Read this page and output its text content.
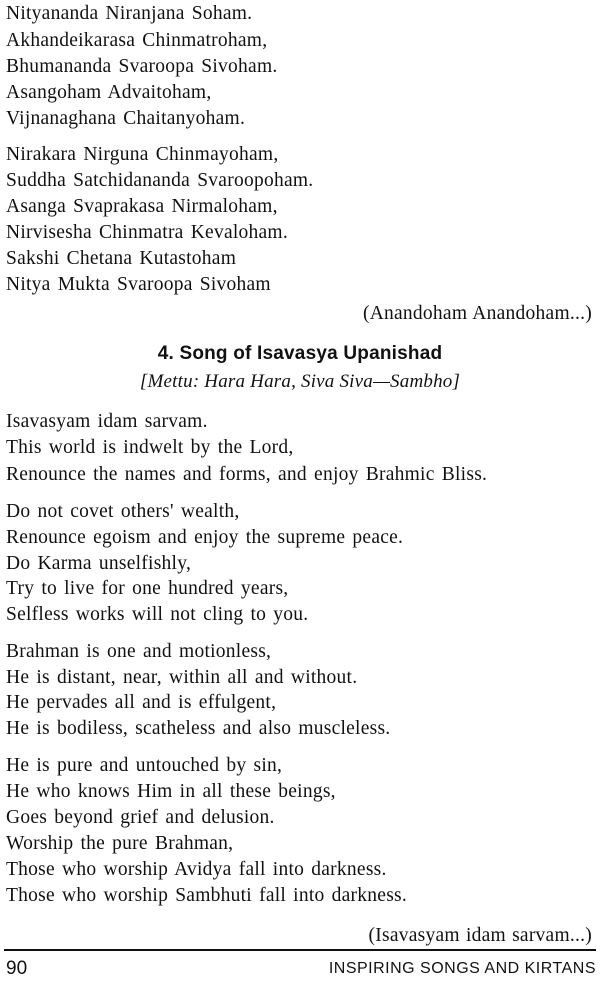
Nityananda Niranjana Soham.
Akhandeikarasa Chinmatroham,
Bhumananda Svaroopa Sivoham.
Asangoham Advaitoham,
Vijnanaghana Chaitanyoham.
Nirakara Nirguna Chinmayoham,
Suddha Satchidananda Svaroopoham.
Asanga Svaprakasa Nirmaloham,
Nirvisesha Chinmatra Kevaloham.
Sakshi Chetana Kutastoham
Nitya Mukta Svaroopa Sivoham
(Anandoham Anandoham...)
4. Song of Isavasya Upanishad
[Mettu: Hara Hara, Siva Siva—Sambho]
Isavasyam idam sarvam.
This world is indwelt by the Lord,
Renounce the names and forms, and enjoy Brahmic Bliss.
Do not covet others' wealth,
Renounce egoism and enjoy the supreme peace.
Do Karma unselfishly,
Try to live for one hundred years,
Selfless works will not cling to you.
Brahman is one and motionless,
He is distant, near, within all and without.
He pervades all and is effulgent,
He is bodiless, scatheless and also muscleless.
He is pure and untouched by sin,
He who knows Him in all these beings,
Goes beyond grief and delusion.
Worship the pure Brahman,
Those who worship Avidya fall into darkness.
Those who worship Sambhuti fall into darkness.
(Isavasyam idam sarvam...)
90	INSPIRING SONGS AND KIRTANS
